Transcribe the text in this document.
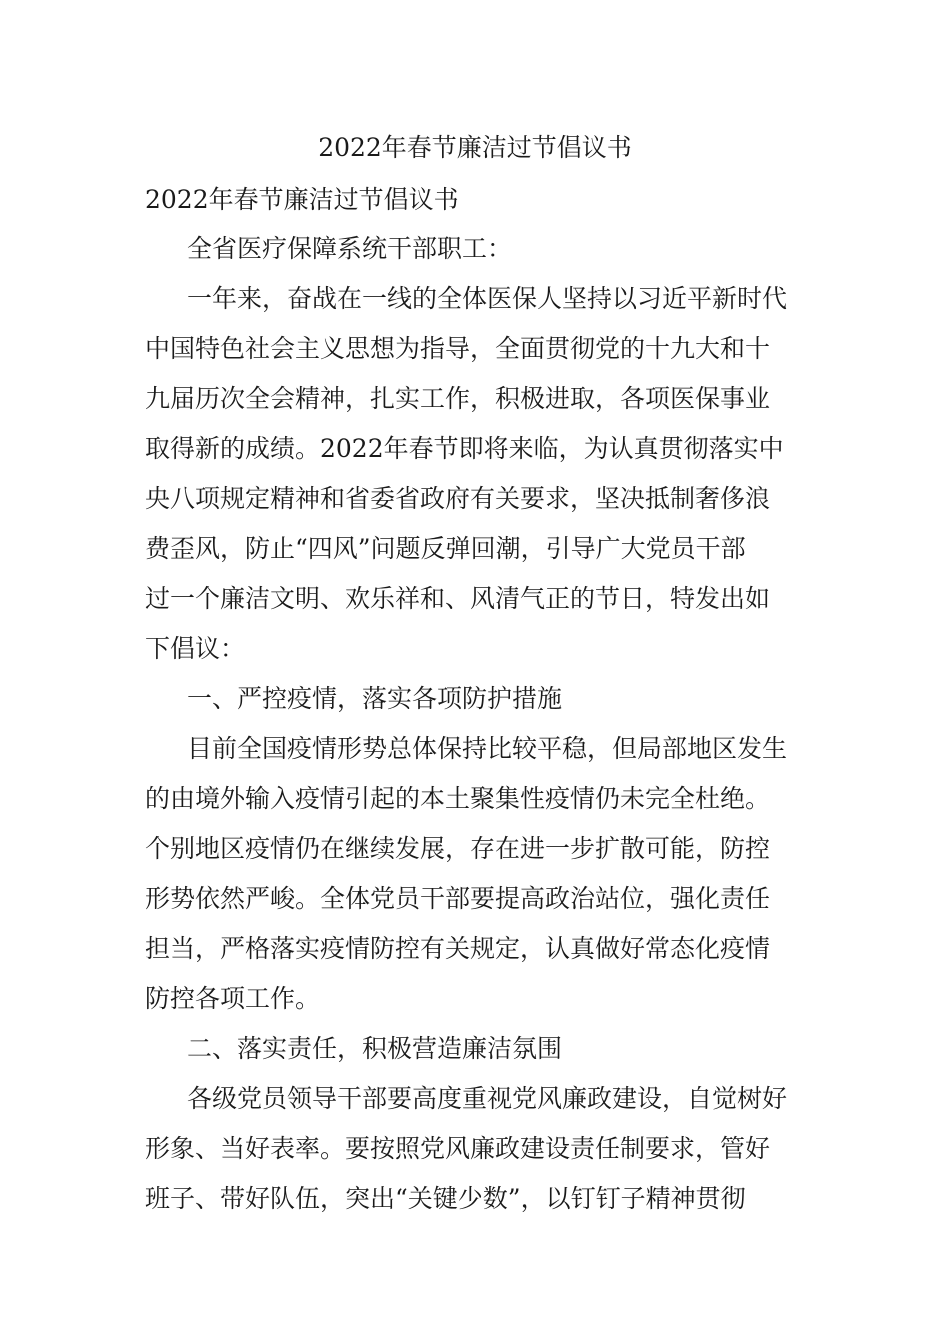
2022年春节廉洁过节倡议书
2022年春节廉洁过节倡议书
全省医疗保障系统干部职工：
一年来，奋战在一线的全体医保人坚持以习近平新时代
中国特色社会主义思想为指导，全面贯彻党的十九大和十
九届历次全会精神，扎实工作，积极进取，各项医保事业
取得新的成绩。2022年春节即将来临，为认真贯彻落实中
央八项规定精神和省委省政府有关要求，坚决抵制奢侈浪
费歪风，防止“四风”问题反弹回潮，引导广大党员干部
过一个廉洁文明、欢乐祥和、风清气正的节日，特发出如
下倡议：
一、严控疫情，落实各项防护措施
目前全国疫情形势总体保持比较平稳，但局部地区发生
的由境外输入疫情引起的本土聚集性疫情仍未完全杜绝。
个别地区疫情仍在继续发展，存在进一步扩散可能，防控
形势依然严峻。全体党员干部要提高政治站位，强化责任
担当，严格落实疫情防控有关规定，认真做好常态化疫情
防控各项工作。
二、落实责任，积极营造廉洁氛围
各级党员领导干部要高度重视党风廉政建设，自觉树好
形象、当好表率。要按照党风廉政建设责任制要求，管好
班子、带好队伍，突出“关键少数”，以钉钉子精神贯彻
